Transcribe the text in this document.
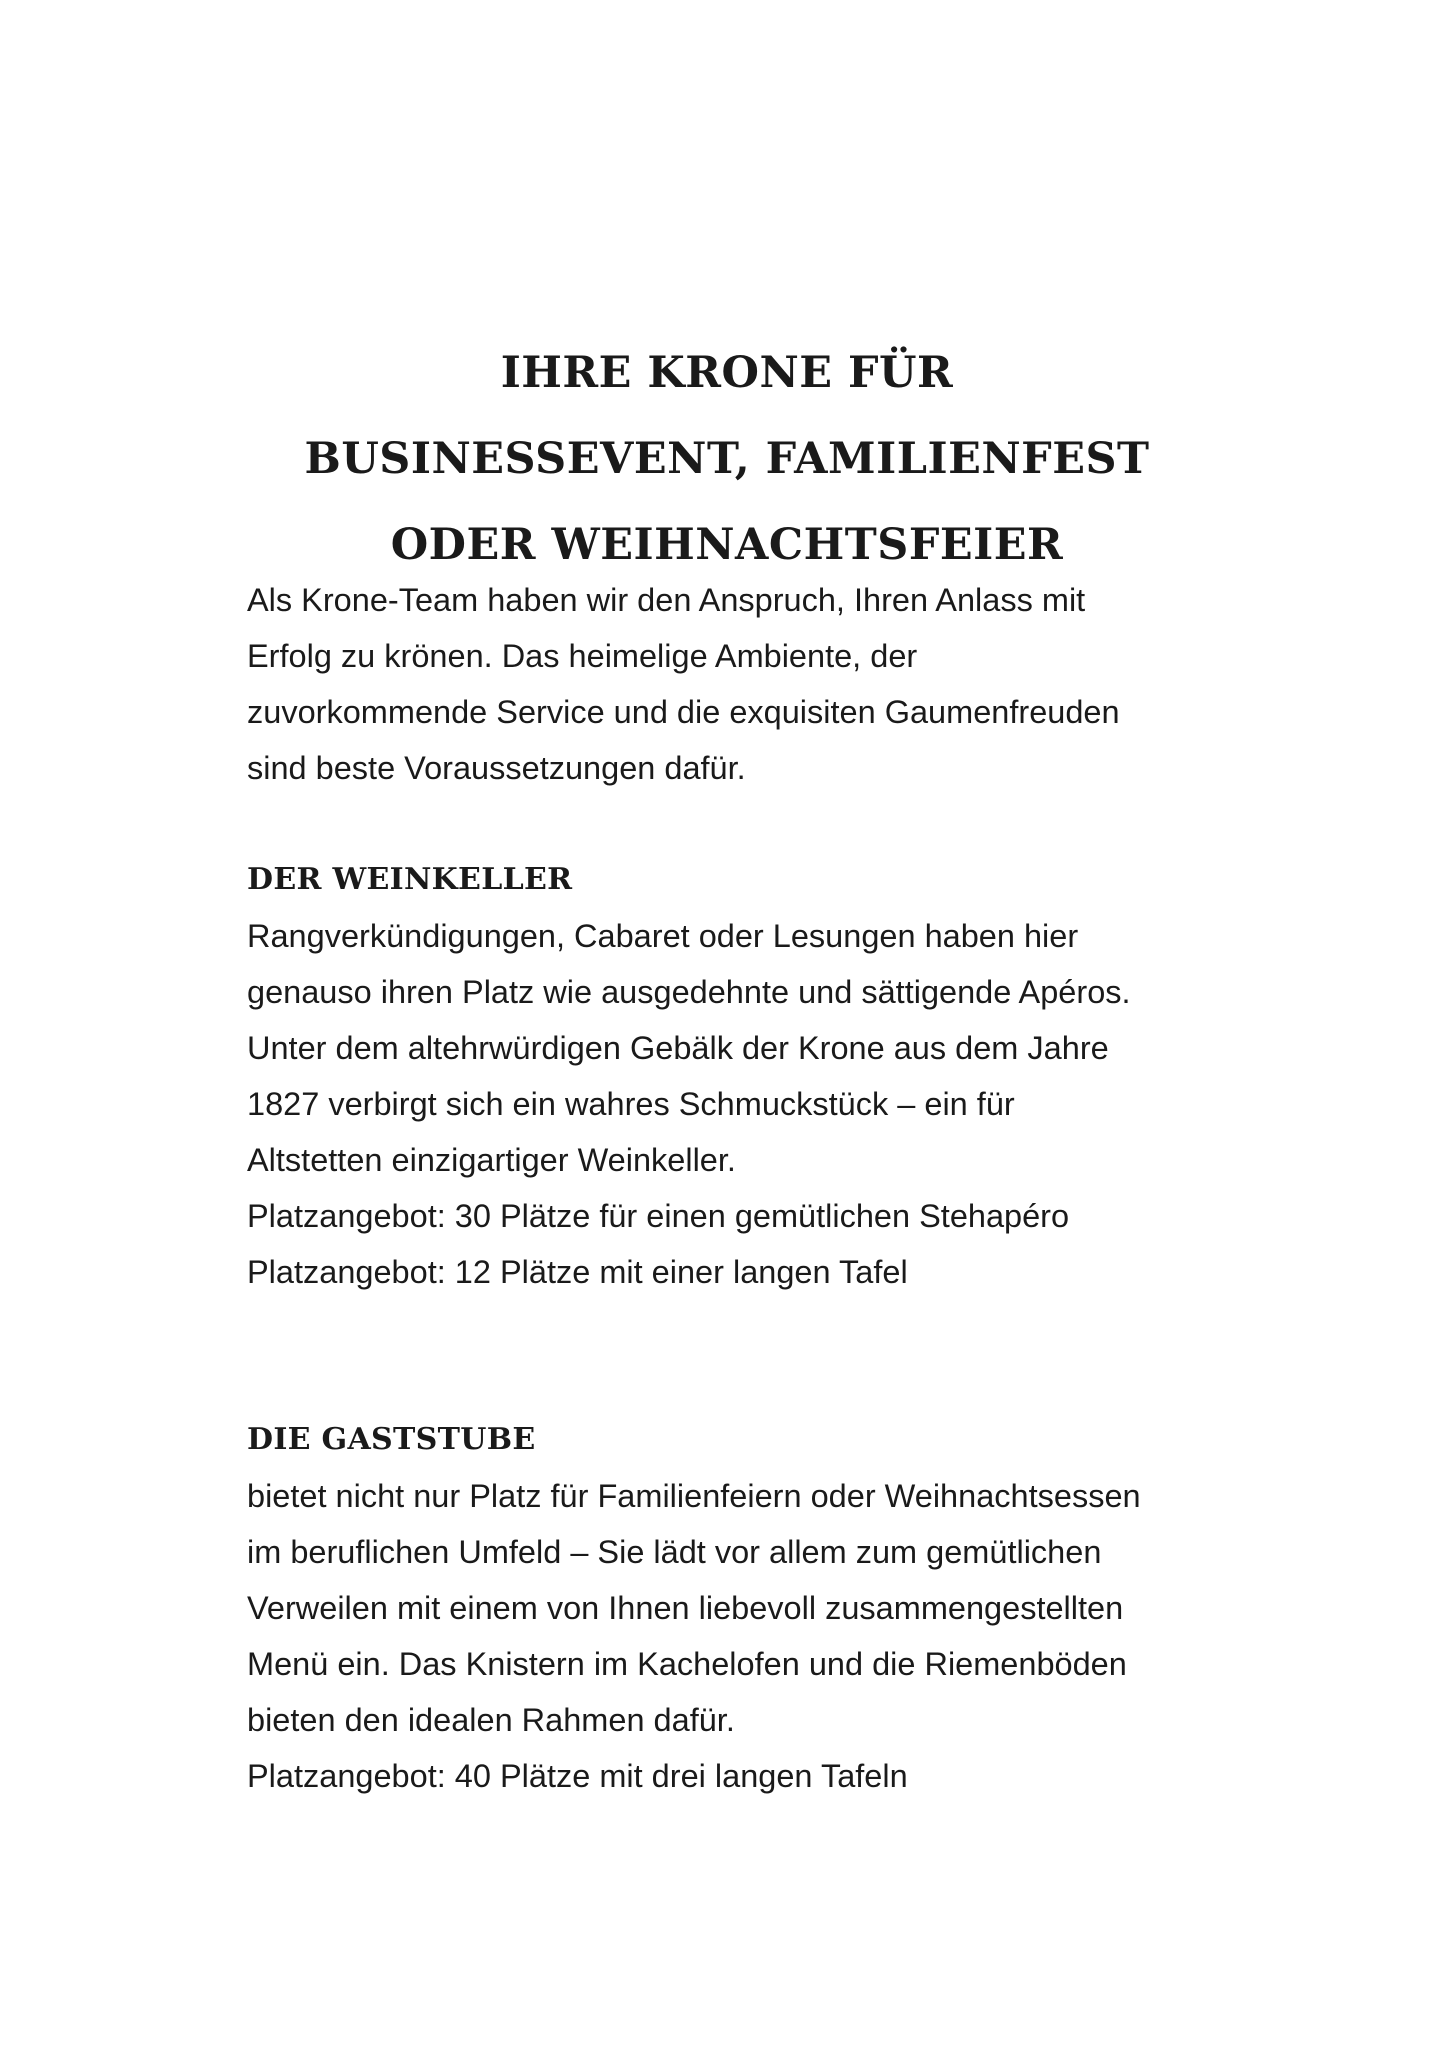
IHRE KRONE FÜR
BUSINESSEVENT, FAMILIENFEST
ODER WEIHNACHTSFEIER
Als Krone-Team haben wir den Anspruch, Ihren Anlass mit
Erfolg zu krönen. Das heimelige Ambiente, der
zuvorkommende Service und die exquisiten Gaumenfreuden
sind beste Voraussetzungen dafür.
DER WEINKELLER
Rangverkündigungen, Cabaret oder Lesungen haben hier
genauso ihren Platz wie ausgedehnte und sättigende Apéros.
Unter dem altehrwürdigen Gebälk der Krone aus dem Jahre
1827 verbirgt sich ein wahres Schmuckstück – ein für
Altstetten einzigartiger Weinkeller.
Platzangebot: 30 Plätze für einen gemütlichen Stehapéro
Platzangebot: 12 Plätze mit einer langen Tafel
DIE GASTSTUBE
bietet nicht nur Platz für Familienfeiern oder Weihnachtsessen
im beruflichen Umfeld – Sie lädt vor allem zum gemütlichen
Verweilen mit einem von Ihnen liebevoll zusammengestellten
Menü ein. Das Knistern im Kachelofen und die Riemenböden
bieten den idealen Rahmen dafür.
Platzangebot: 40 Plätze mit drei langen Tafeln
